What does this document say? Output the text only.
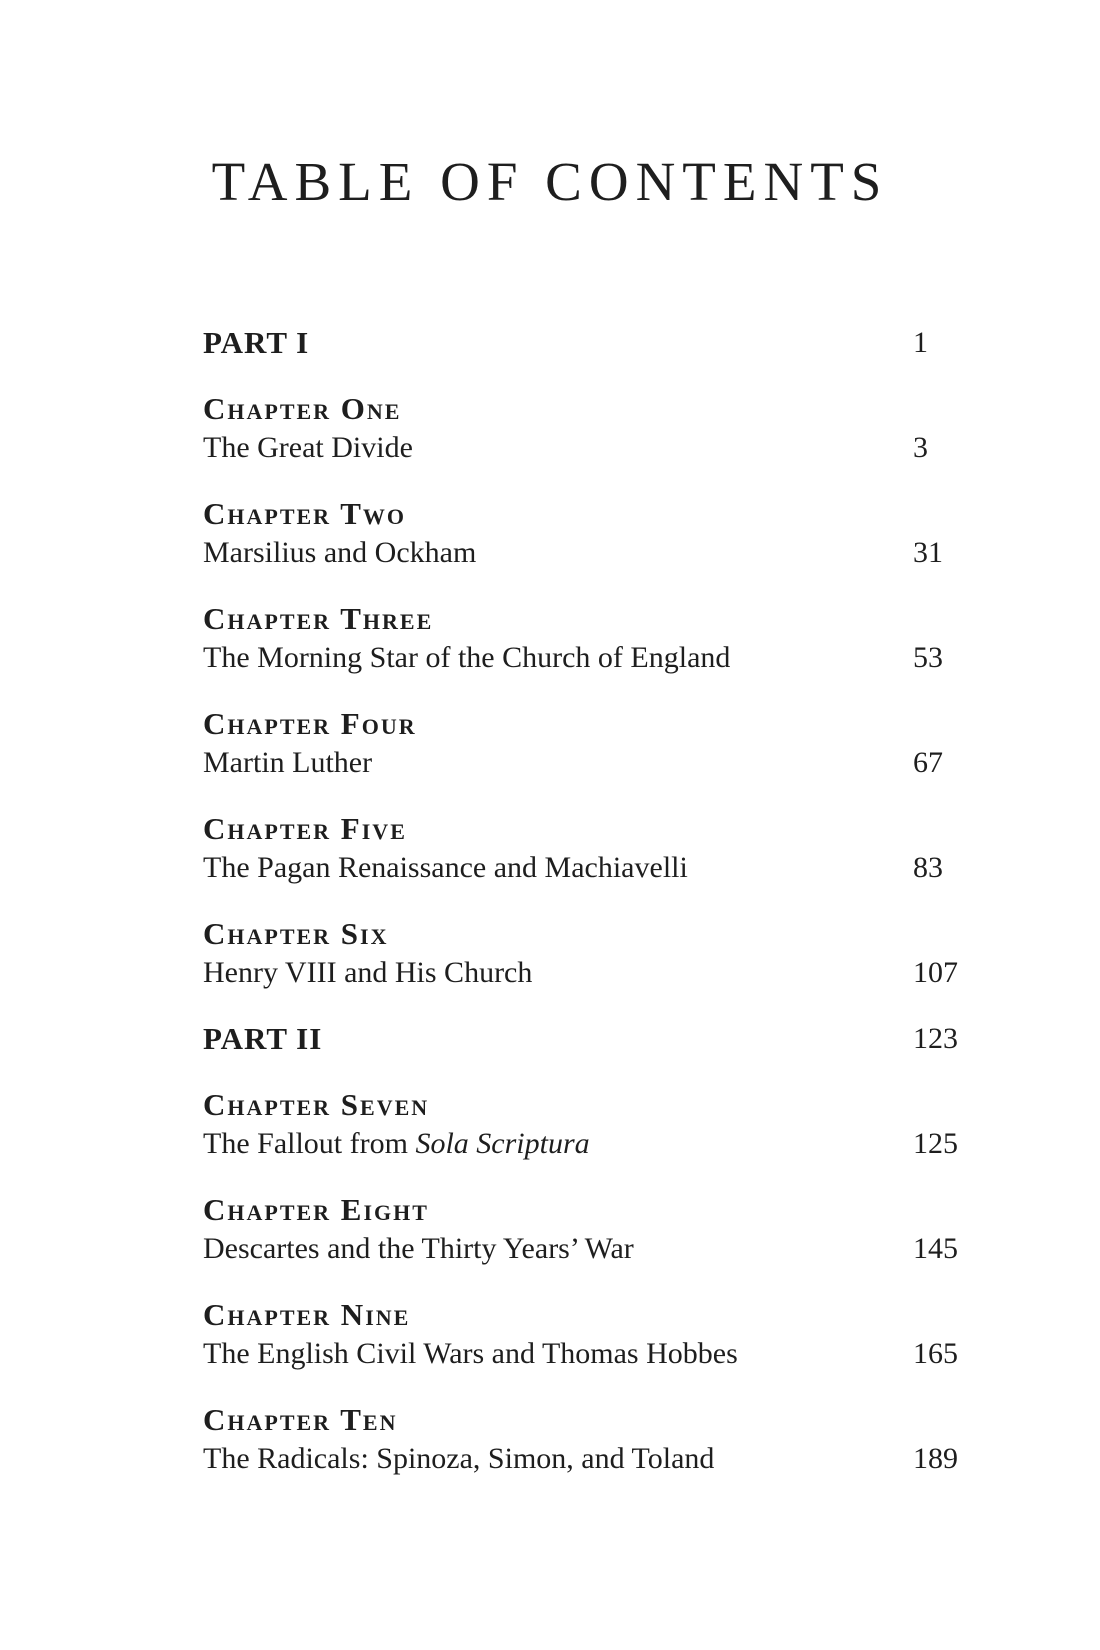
TABLE OF CONTENTS
PART I	1
Chapter One
The Great Divide	3
Chapter Two
Marsilius and Ockham	31
Chapter Three
The Morning Star of the Church of England	53
Chapter Four
Martin Luther	67
Chapter Five
The Pagan Renaissance and Machiavelli	83
Chapter Six
Henry VIII and His Church	107
PART II	123
Chapter Seven
The Fallout from Sola Scriptura	125
Chapter Eight
Descartes and the Thirty Years’ War	145
Chapter Nine
The English Civil Wars and Thomas Hobbes	165
Chapter Ten
The Radicals: Spinoza, Simon, and Toland	189
